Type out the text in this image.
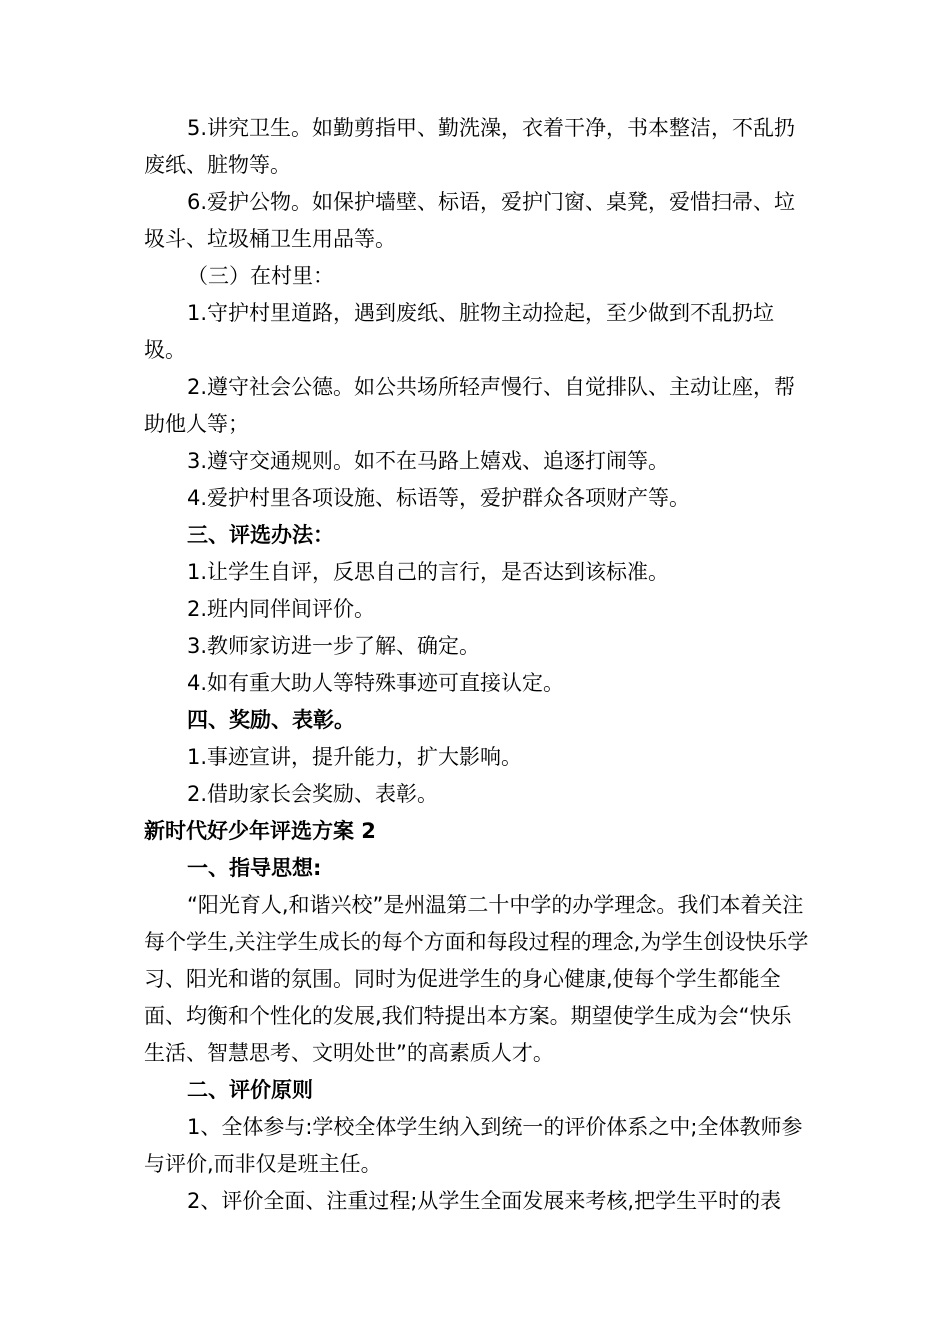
5.讲究卫生。如勤剪指甲、勤洗澡，衣着干净，书本整洁，不乱扔废纸、脏物等。

6.爱护公物。如保护墙壁、标语，爱护门窗、桌凳，爱惜扫帚、垃圾斗、垃圾桶卫生用品等。

（三）在村里：

1.守护村里道路，遇到废纸、脏物主动捡起，至少做到不乱扔垃圾。

2.遵守社会公德。如公共场所轻声慢行、自觉排队、主动让座，帮助他人等；

3.遵守交通规则。如不在马路上嬉戏、追逐打闹等。

4.爱护村里各项设施、标语等，爱护群众各项财产等。

三、评选办法：

1.让学生自评，反思自己的言行，是否达到该标准。

2.班内同伴间评价。

3.教师家访进一步了解、确定。

4.如有重大助人等特殊事迹可直接认定。

四、奖励、表彰。

1.事迹宣讲，提升能力，扩大影响。

2.借助家长会奖励、表彰。

新时代好少年评选方案 2

一、指导思想:

“阳光育人,和谐兴校”是州温第二十中学的办学理念。我们本着关注每个学生,关注学生成长的每个方面和每段过程的理念,为学生创设快乐学习、阳光和谐的氛围。同时为促进学生的身心健康,使每个学生都能全面、均衡和个性化的发展,我们特提出本方案。期望使学生成为会“快乐生活、智慧思考、文明处世”的高素质人才。

二、评价原则

1、全体参与:学校全体学生纳入到统一的评价体系之中;全体教师参与评价,而非仅是班主任。

2、评价全面、注重过程;从学生全面发展来考核,把学生平时的表
